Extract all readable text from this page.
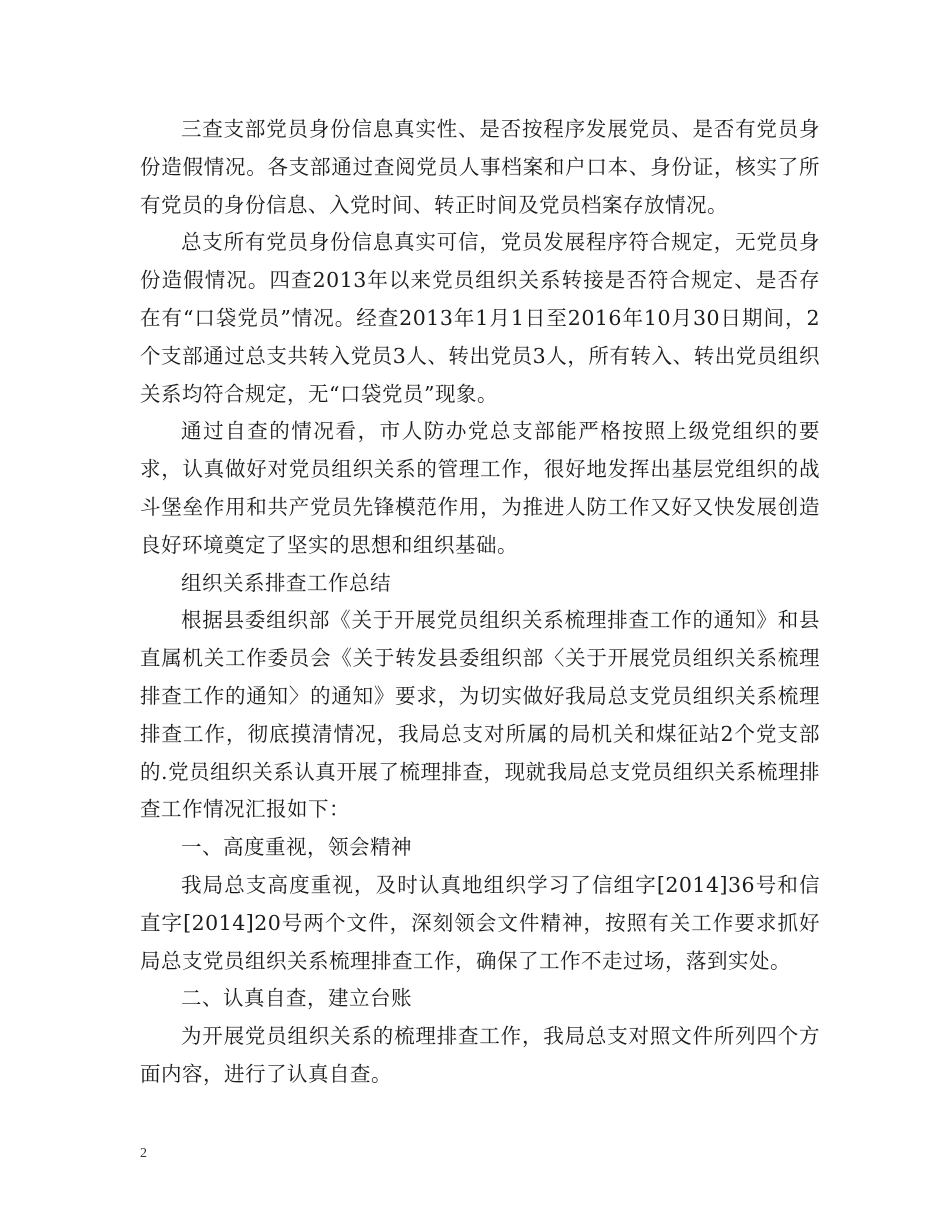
三查支部党员身份信息真实性、是否按程序发展党员、是否有党员身份造假情况。各支部通过查阅党员人事档案和户口本、身份证，核实了所有党员的身份信息、入党时间、转正时间及党员档案存放情况。

总支所有党员身份信息真实可信，党员发展程序符合规定，无党员身份造假情况。四查2013年以来党员组织关系转接是否符合规定、是否存在有“口袋党员”情况。经查2013年1月1日至2016年10月30日期间，2个支部通过总支共转入党员3人、转出党员3人，所有转入、转出党员组织关系均符合规定，无“口袋党员”现象。

通过自查的情况看，市人防办党总支部能严格按照上级党组织的要求，认真做好对党员组织关系的管理工作，很好地发挥出基层党组织的战斗堡垒作用和共产党员先锋模范作用，为推进人防工作又好又快发展创造良好环境奠定了坚实的思想和组织基础。

组织关系排查工作总结

根据县委组织部《关于开展党员组织关系梳理排查工作的通知》和县直属机关工作委员会《关于转发县委组织部〈关于开展党员组织关系梳理排查工作的通知〉的通知》要求，为切实做好我局总支党员组织关系梳理排查工作，彻底摸清情况，我局总支对所属的局机关和煤征站2个党支部的.党员组织关系认真开展了梳理排查，现就我局总支党员组织关系梳理排查工作情况汇报如下：

一、高度重视，领会精神

我局总支高度重视，及时认真地组织学习了信组字[2014]36号和信直字[2014]20号两个文件，深刻领会文件精神，按照有关工作要求抓好局总支党员组织关系梳理排查工作，确保了工作不走过场，落到实处。

二、认真自查，建立台账

为开展党员组织关系的梳理排查工作，我局总支对照文件所列四个方面内容，进行了认真自查。

2
